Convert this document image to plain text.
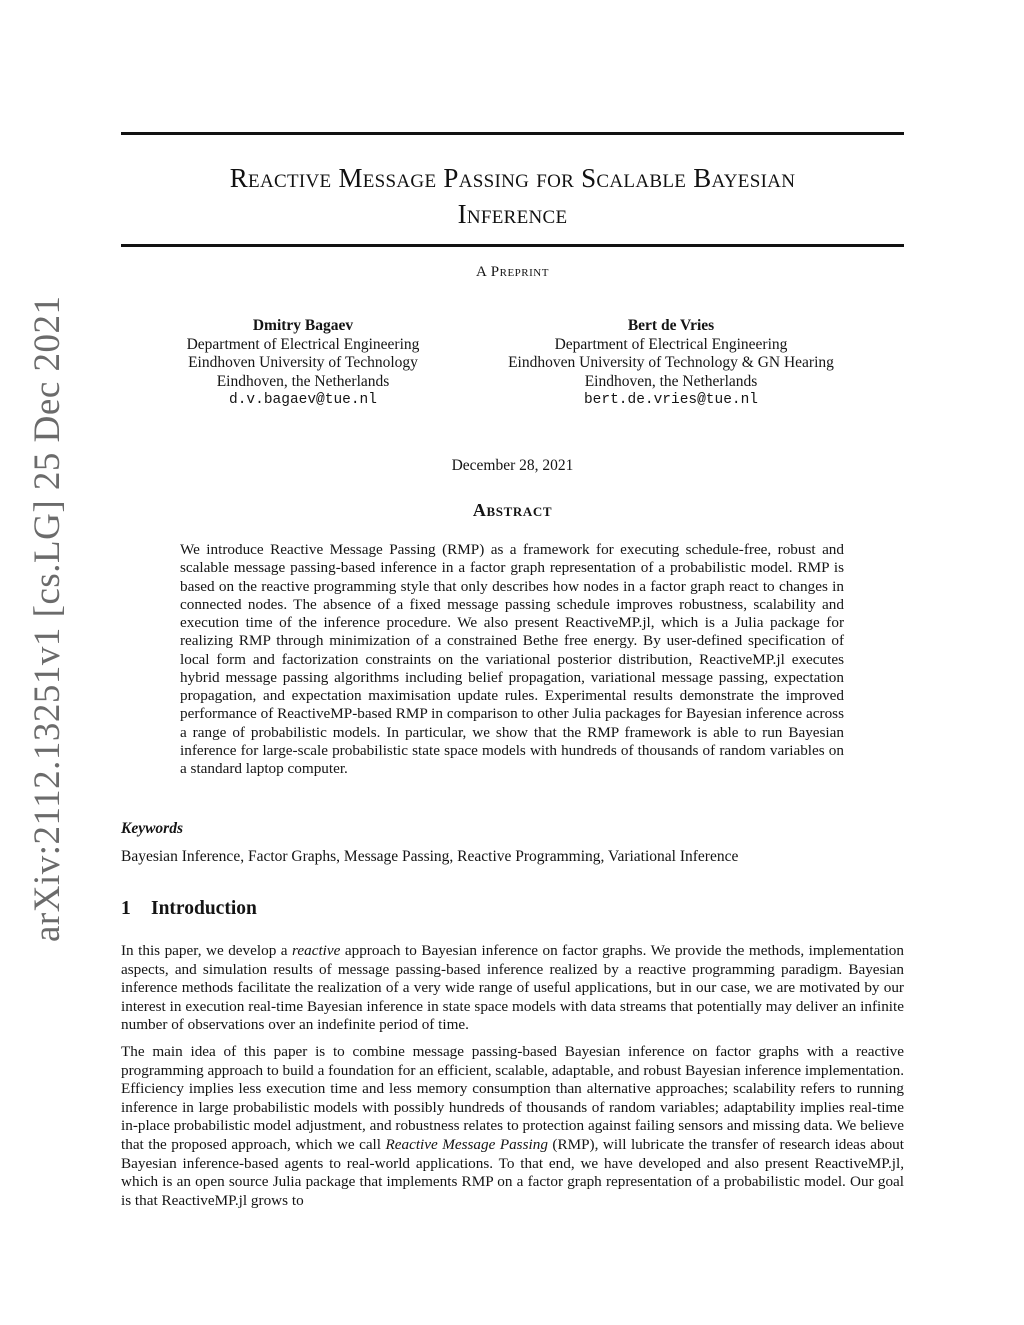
Reactive Message Passing for Scalable Bayesian
Inference
A Preprint
Dmitry Bagaev
Department of Electrical Engineering
Eindhoven University of Technology
Eindhoven, the Netherlands
d.v.bagaev@tue.nl
Bert de Vries
Department of Electrical Engineering
Eindhoven University of Technology & GN Hearing
Eindhoven, the Netherlands
bert.de.vries@tue.nl
December 28, 2021
Abstract

We introduce Reactive Message Passing (RMP) as a framework for executing schedule-free, robust and scalable message passing-based inference in a factor graph representation of a probabilistic model. RMP is based on the reactive programming style that only describes how nodes in a factor graph react to changes in connected nodes. The absence of a fixed message passing schedule improves robustness, scalability and execution time of the inference procedure. We also present ReactiveMP.jl, which is a Julia package for realizing RMP through minimization of a constrained Bethe free energy. By user-defined specification of local form and factorization constraints on the variational posterior distribution, ReactiveMP.jl executes hybrid message passing algorithms including belief propagation, variational message passing, expectation propagation, and expectation maximisation update rules. Experimental results demonstrate the improved performance of ReactiveMP-based RMP in comparison to other Julia packages for Bayesian inference across a range of probabilistic models. In particular, we show that the RMP framework is able to run Bayesian inference for large-scale probabilistic state space models with hundreds of thousands of random variables on a standard laptop computer.

Keywords
Bayesian Inference, Factor Graphs, Message Passing, Reactive Programming, Variational Inference
1 Introduction

In this paper, we develop a reactive approach to Bayesian inference on factor graphs. We provide the methods, implementation aspects, and simulation results of message passing-based inference realized by a reactive programming paradigm. Bayesian inference methods facilitate the realization of a very wide range of useful applications, but in our case, we are motivated by our interest in execution real-time Bayesian inference in state space models with data streams that potentially may deliver an infinite number of observations over an indefinite period of time.

The main idea of this paper is to combine message passing-based Bayesian inference on factor graphs with a reactive programming approach to build a foundation for an efficient, scalable, adaptable, and robust Bayesian inference implementation. Efficiency implies less execution time and less memory consumption than alternative approaches; scalability refers to running inference in large probabilistic models with possibly hundreds of thousands of random variables; adaptability implies real-time in-place probabilistic model adjustment, and robustness relates to protection against failing sensors and missing data. We believe that the proposed approach, which we call Reactive Message Passing (RMP), will lubricate the transfer of research ideas about Bayesian inference-based agents to real-world applications. To that end, we have developed and also present ReactiveMP.jl, which is an open source Julia package that implements RMP on a factor graph representation of a probabilistic model. Our goal is that ReactiveMP.jl grows to

arXiv:2112.13251v1 [cs.LG] 25 Dec 2021
